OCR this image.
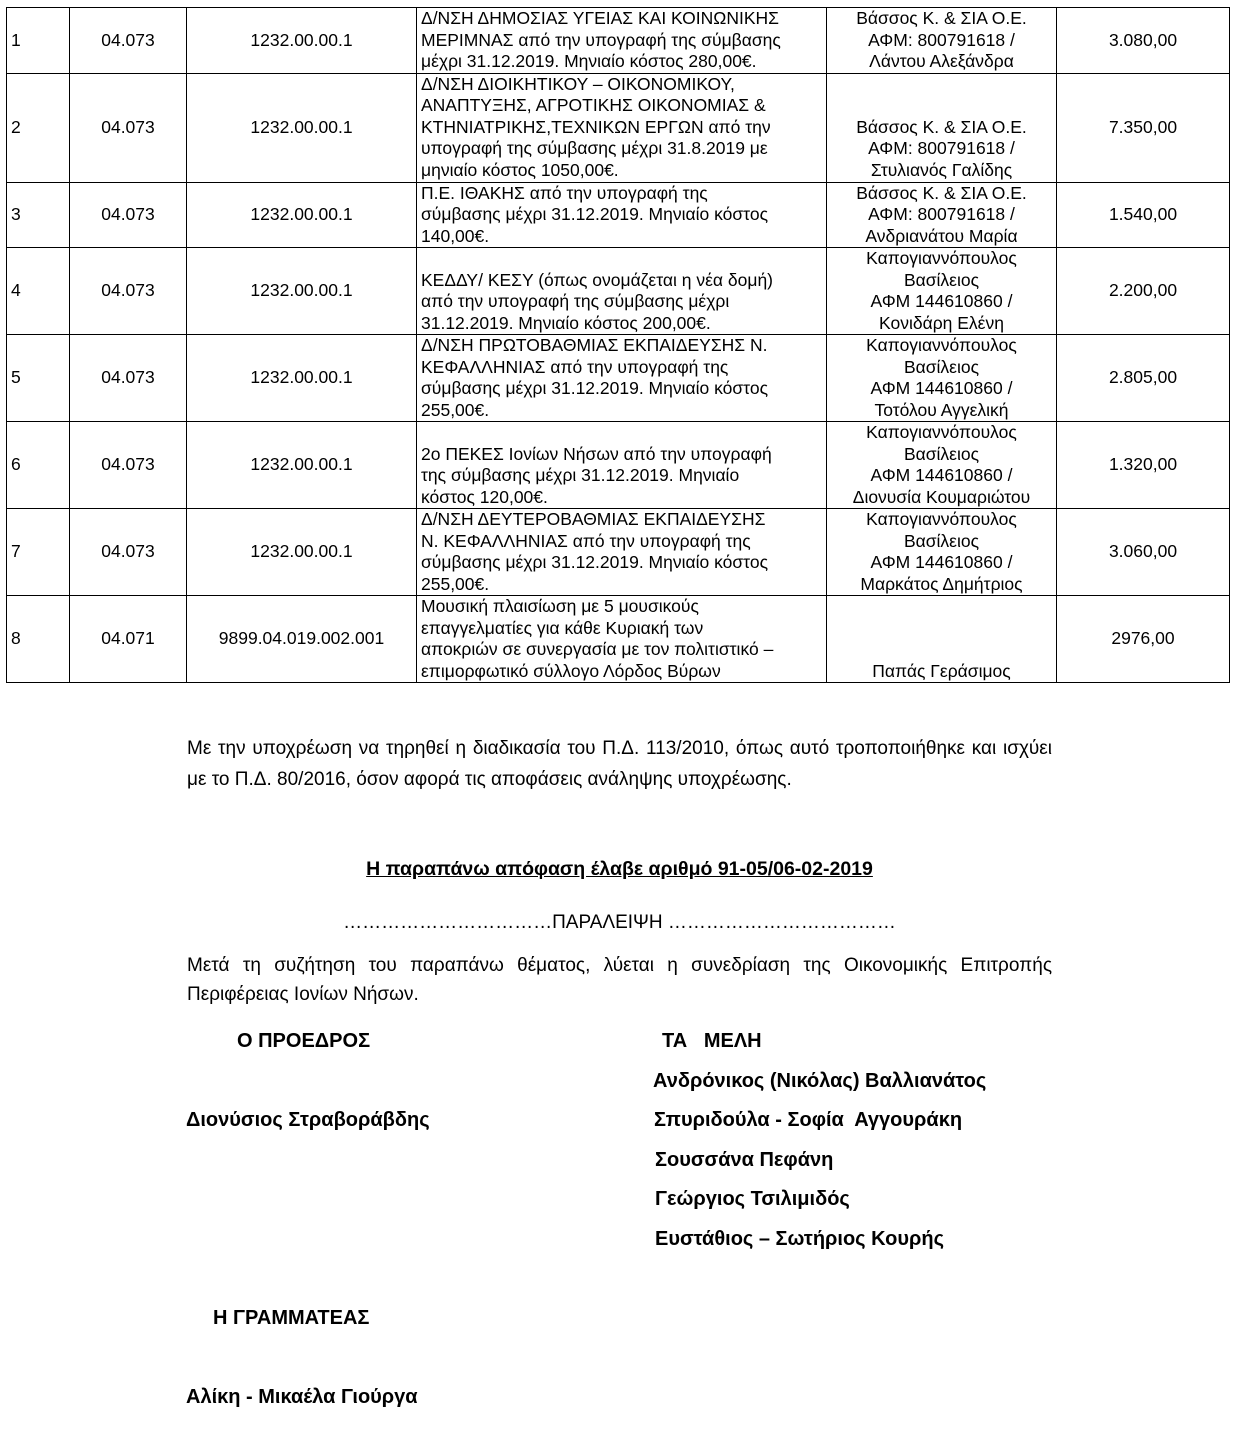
1	04.073	1232.00.00.1	Δ/ΝΣΗ ΔΗΜΟΣΙΑΣ ΥΓΕΙΑΣ ΚΑΙ ΚΟΙΝΩΝΙΚΗΣ
ΜΕΡΙΜΝΑΣ από την υπογραφή της σύμβασης
μέχρι 31.12.2019. Μηνιαίο κόστος 280,00€.	Βάσσος Κ. & ΣΙΑ Ο.Ε.
ΑΦΜ: 800791618 /
Λάντου Αλεξάνδρα	3.080,00
2	04.073	1232.00.00.1	Δ/ΝΣΗ ΔΙΟΙΚΗΤΙΚΟΥ – ΟΙΚΟΝΟΜΙΚΟΥ,
ΑΝΑΠΤΥΞΗΣ, ΑΓΡΟΤΙΚΗΣ ΟΙΚΟΝΟΜΙΑΣ &
ΚΤΗΝΙΑΤΡΙΚΗΣ,ΤΕΧΝΙΚΩΝ ΕΡΓΩΝ από την
υπογραφή της σύμβασης μέχρι 31.8.2019 με
μηνιαίο κόστος 1050,00€.	Βάσσος Κ. & ΣΙΑ Ο.Ε.
ΑΦΜ: 800791618 /
Στυλιανός Γαλίδης	7.350,00
3	04.073	1232.00.00.1	Π.Ε. ΙΘΑΚΗΣ από την υπογραφή της
σύμβασης μέχρι 31.12.2019. Μηνιαίο κόστος
140,00€.	Βάσσος Κ. & ΣΙΑ Ο.Ε.
ΑΦΜ: 800791618 /
Ανδριανάτου Μαρία	1.540,00
4	04.073	1232.00.00.1	ΚΕΔΔΥ/ ΚΕΣΥ (όπως ονομάζεται η νέα δομή)
από την υπογραφή της σύμβασης μέχρι
31.12.2019. Μηνιαίο κόστος 200,00€.	Καπογιαννόπουλος
Βασίλειος
ΑΦΜ 144610860 /
Κονιδάρη Ελένη	2.200,00
5	04.073	1232.00.00.1	Δ/ΝΣΗ ΠΡΩΤΟΒΑΘΜΙΑΣ ΕΚΠΑΙΔΕΥΣΗΣ Ν.
ΚΕΦΑΛΛΗΝΙΑΣ από την υπογραφή της
σύμβασης μέχρι 31.12.2019. Μηνιαίο κόστος
255,00€.	Καπογιαννόπουλος
Βασίλειος
ΑΦΜ 144610860 /
Τοτόλου Αγγελική	2.805,00
6	04.073	1232.00.00.1	2ο ΠΕΚΕΣ Ιονίων Νήσων από την υπογραφή
της σύμβασης μέχρι 31.12.2019. Μηνιαίο
κόστος 120,00€.	Καπογιαννόπουλος
Βασίλειος
ΑΦΜ 144610860 /
Διονυσία Κουμαριώτου	1.320,00
7	04.073	1232.00.00.1	Δ/ΝΣΗ ΔΕΥΤΕΡΟΒΑΘΜΙΑΣ ΕΚΠΑΙΔΕΥΣΗΣ
Ν. ΚΕΦΑΛΛΗΝΙΑΣ από την υπογραφή της
σύμβασης μέχρι 31.12.2019. Μηνιαίο κόστος
255,00€.	Καπογιαννόπουλος
Βασίλειος
ΑΦΜ 144610860 /
Μαρκάτος Δημήτριος	3.060,00
8	04.071	9899.04.019.002.001	Μουσική πλαισίωση με 5 μουσικούς
επαγγελματίες για κάθε Κυριακή των
αποκριών σε συνεργασία με τον πολιτιστικό –
επιμορφωτικό σύλλογο Λόρδος Βύρων	Παπάς Γεράσιμος	2976,00
Με την υποχρέωση να τηρηθεί η διαδικασία του Π.Δ. 113/2010, όπως αυτό τροποποιήθηκε και ισχύει με το Π.Δ. 80/2016, όσον αφορά τις αποφάσεις ανάληψης υποχρέωσης.
Η παραπάνω απόφαση έλαβε αριθμό 91-05/06-02-2019
……………………………ΠΑΡΑΛΕΙΨΗ ………………………………
Μετά τη συζήτηση του παραπάνω θέματος, λύεται η συνεδρίαση της Οικονομικής Επιτροπής Περιφέρειας Ιονίων Νήσων.
Ο ΠΡΟΕΔΡΟΣ
Διονύσιος Στραβοράβδης
ΤΑ   ΜΕΛΗ
Ανδρόνικος (Νικόλας) Βαλλιανάτος
Σπυριδούλα - Σοφία  Αγγουράκη
Σουσσάνα Πεφάνη
Γεώργιος Τσιλιμιδός
Ευστάθιος – Σωτήριος Κουρής
Η ΓΡΑΜΜΑΤΕΑΣ
Αλίκη - Μικαέλα Γιούργα
